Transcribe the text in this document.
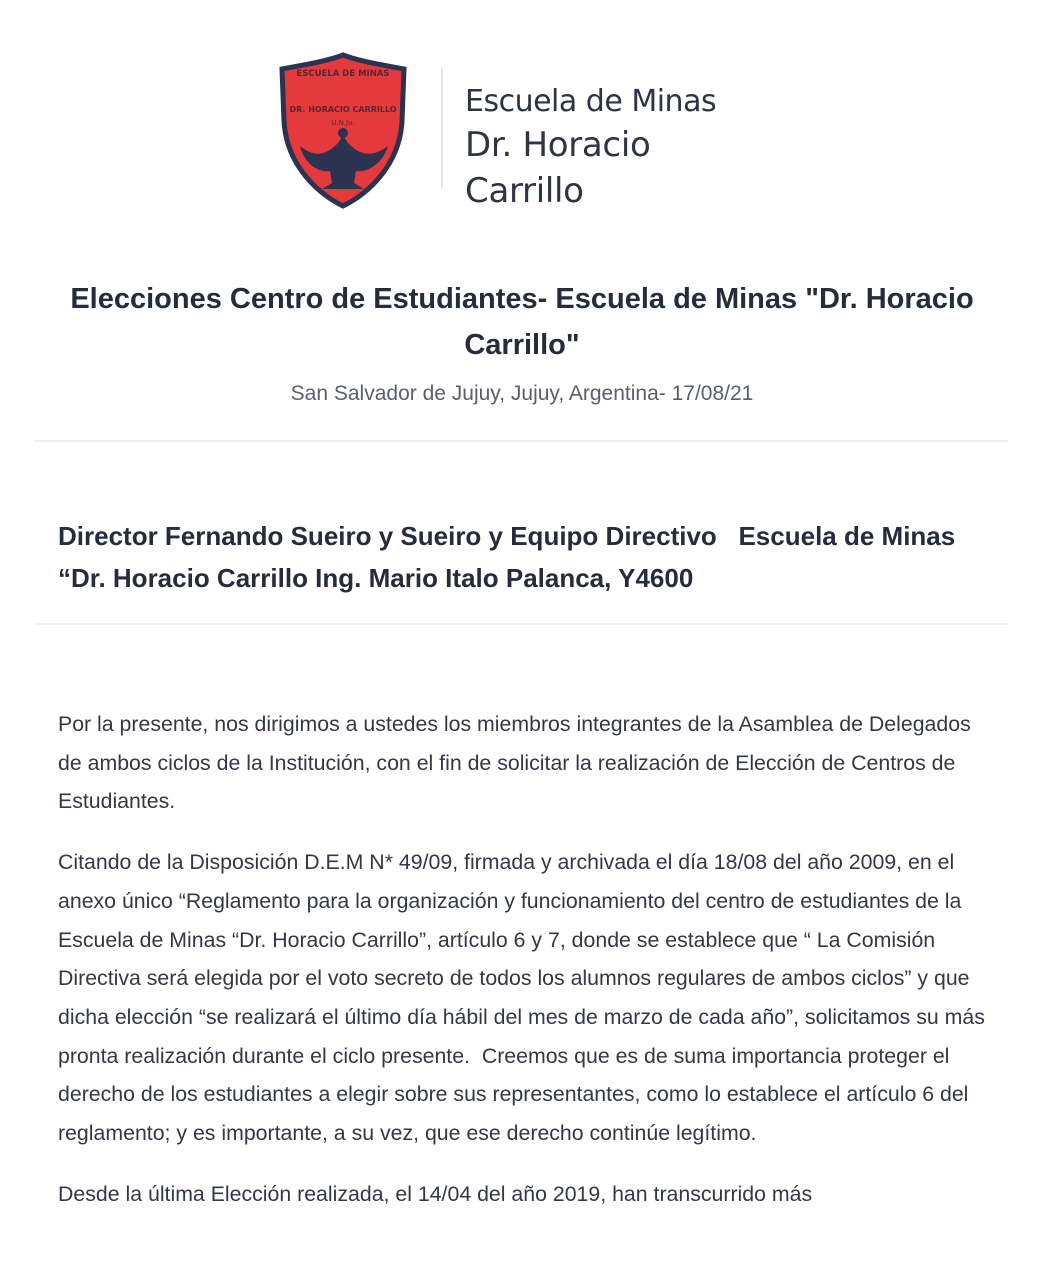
ESCUELA DE MINAS
DR. HORACIO CARRILLO
U.N.Ju.
Escuela de Minas
Dr. Horacio Carrillo
Elecciones Centro de Estudiantes- Escuela de Minas "Dr. Horacio Carrillo"
San Salvador de Jujuy, Jujuy, Argentina- 17/08/21
Director Fernando Sueiro y Sueiro y Equipo Directivo   Escuela de Minas “Dr. Horacio Carrillo Ing. Mario Italo Palanca, Y4600

Por la presente, nos dirigimos a ustedes los miembros integrantes de la Asamblea de Delegados de ambos ciclos de la Institución, con el fin de solicitar la realización de Elección de Centros de Estudiantes.

Citando de la Disposición D.E.M N* 49/09, firmada y archivada el día 18/08 del año 2009, en el anexo único “Reglamento para la organización y funcionamiento del centro de estudiantes de la Escuela de Minas “Dr. Horacio Carrillo”, artículo 6 y 7, donde se establece que “ La Comisión Directiva será elegida por el voto secreto de todos los alumnos regulares de ambos ciclos” y que dicha elección “se realizará el último día hábil del mes de marzo de cada año”, solicitamos su más pronta realización durante el ciclo presente.  Creemos que es de suma importancia proteger el derecho de los estudiantes a elegir sobre sus representantes, como lo establece el artículo 6 del reglamento; y es importante, a su vez, que ese derecho continúe legítimo.

Desde la última Elección realizada, el 14/04 del año 2019, han transcurrido más
